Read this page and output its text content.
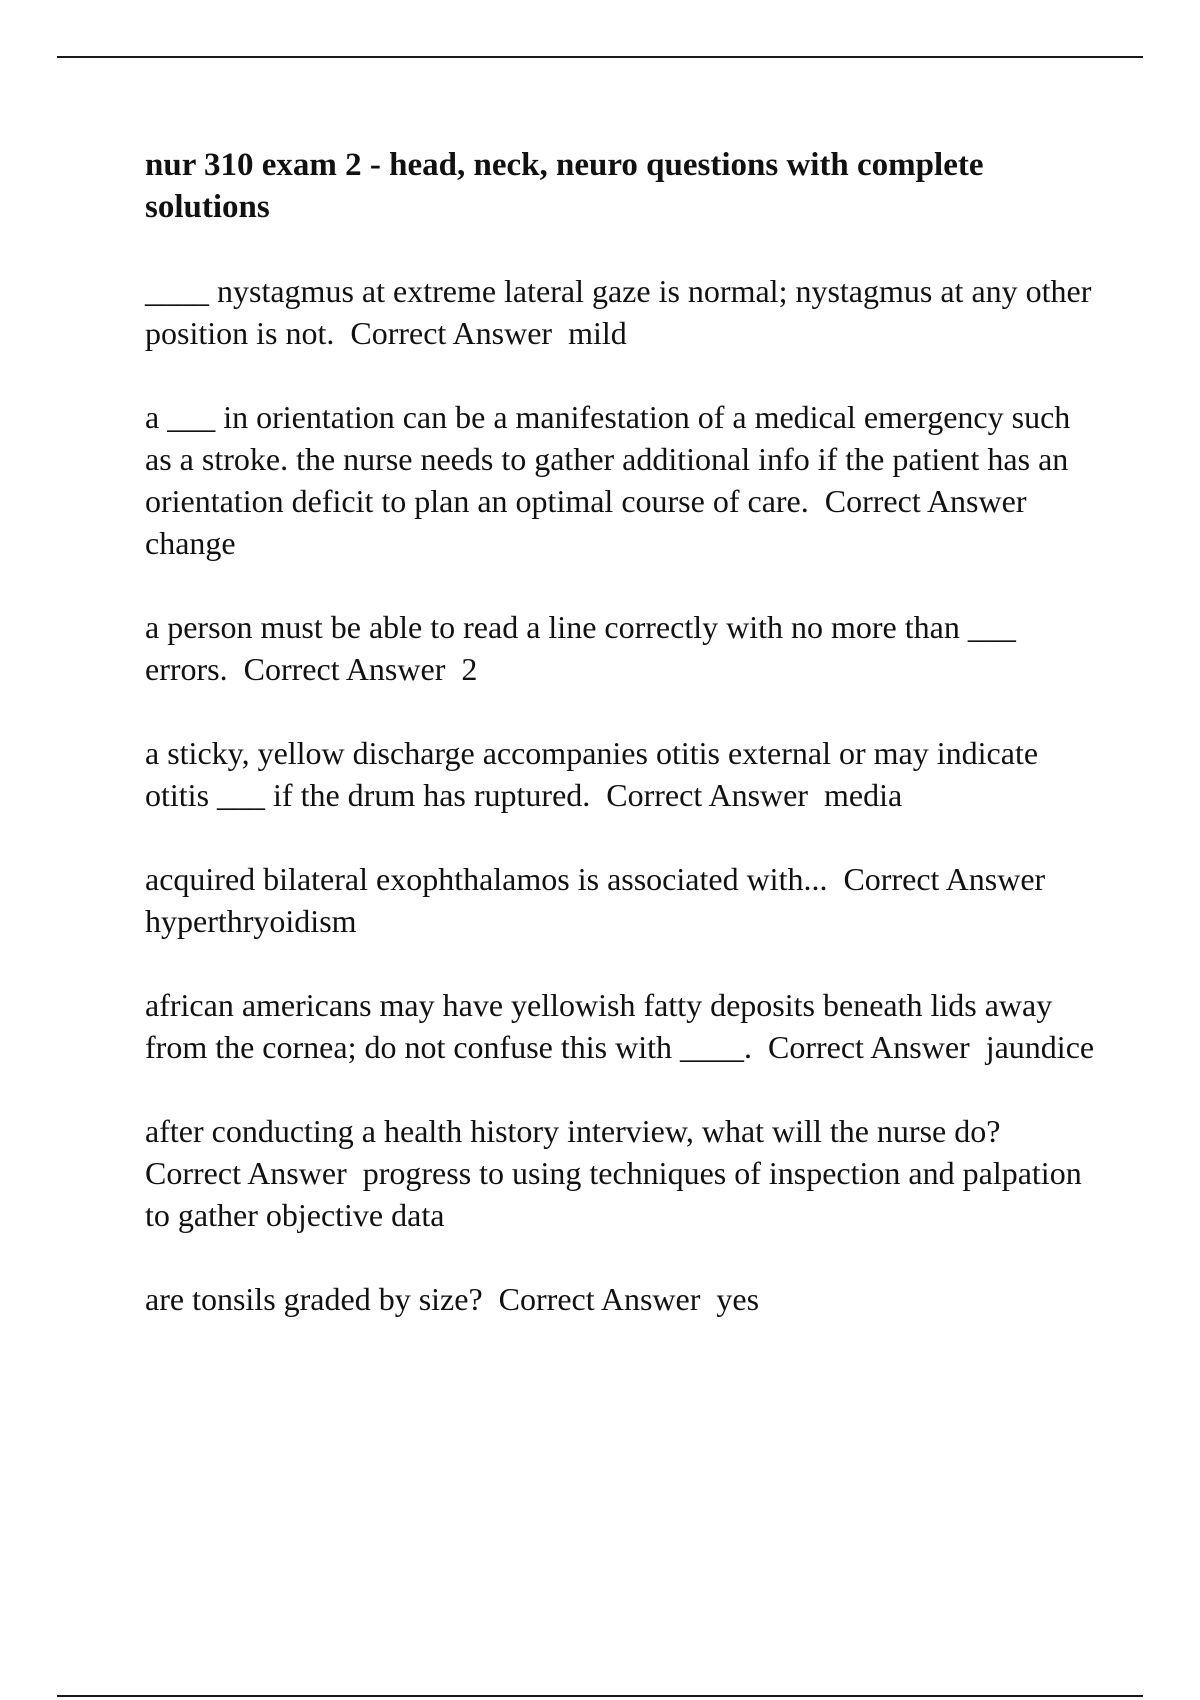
nur 310 exam 2 - head, neck, neuro questions with complete solutions

____ nystagmus at extreme lateral gaze is normal; nystagmus at any other position is not.  Correct Answer  mild

a ___ in orientation can be a manifestation of a medical emergency such as a stroke. the nurse needs to gather additional info if the patient has an orientation deficit to plan an optimal course of care.  Correct Answer  change

a person must be able to read a line correctly with no more than ___ errors.  Correct Answer  2

a sticky, yellow discharge accompanies otitis external or may indicate otitis ___ if the drum has ruptured.  Correct Answer  media

acquired bilateral exophthalamos is associated with...  Correct Answer  hyperthryoidism

african americans may have yellowish fatty deposits beneath lids away from the cornea; do not confuse this with ____.  Correct Answer  jaundice

after conducting a health history interview, what will the nurse do?  Correct Answer  progress to using techniques of inspection and palpation to gather objective data

are tonsils graded by size?  Correct Answer  yes
